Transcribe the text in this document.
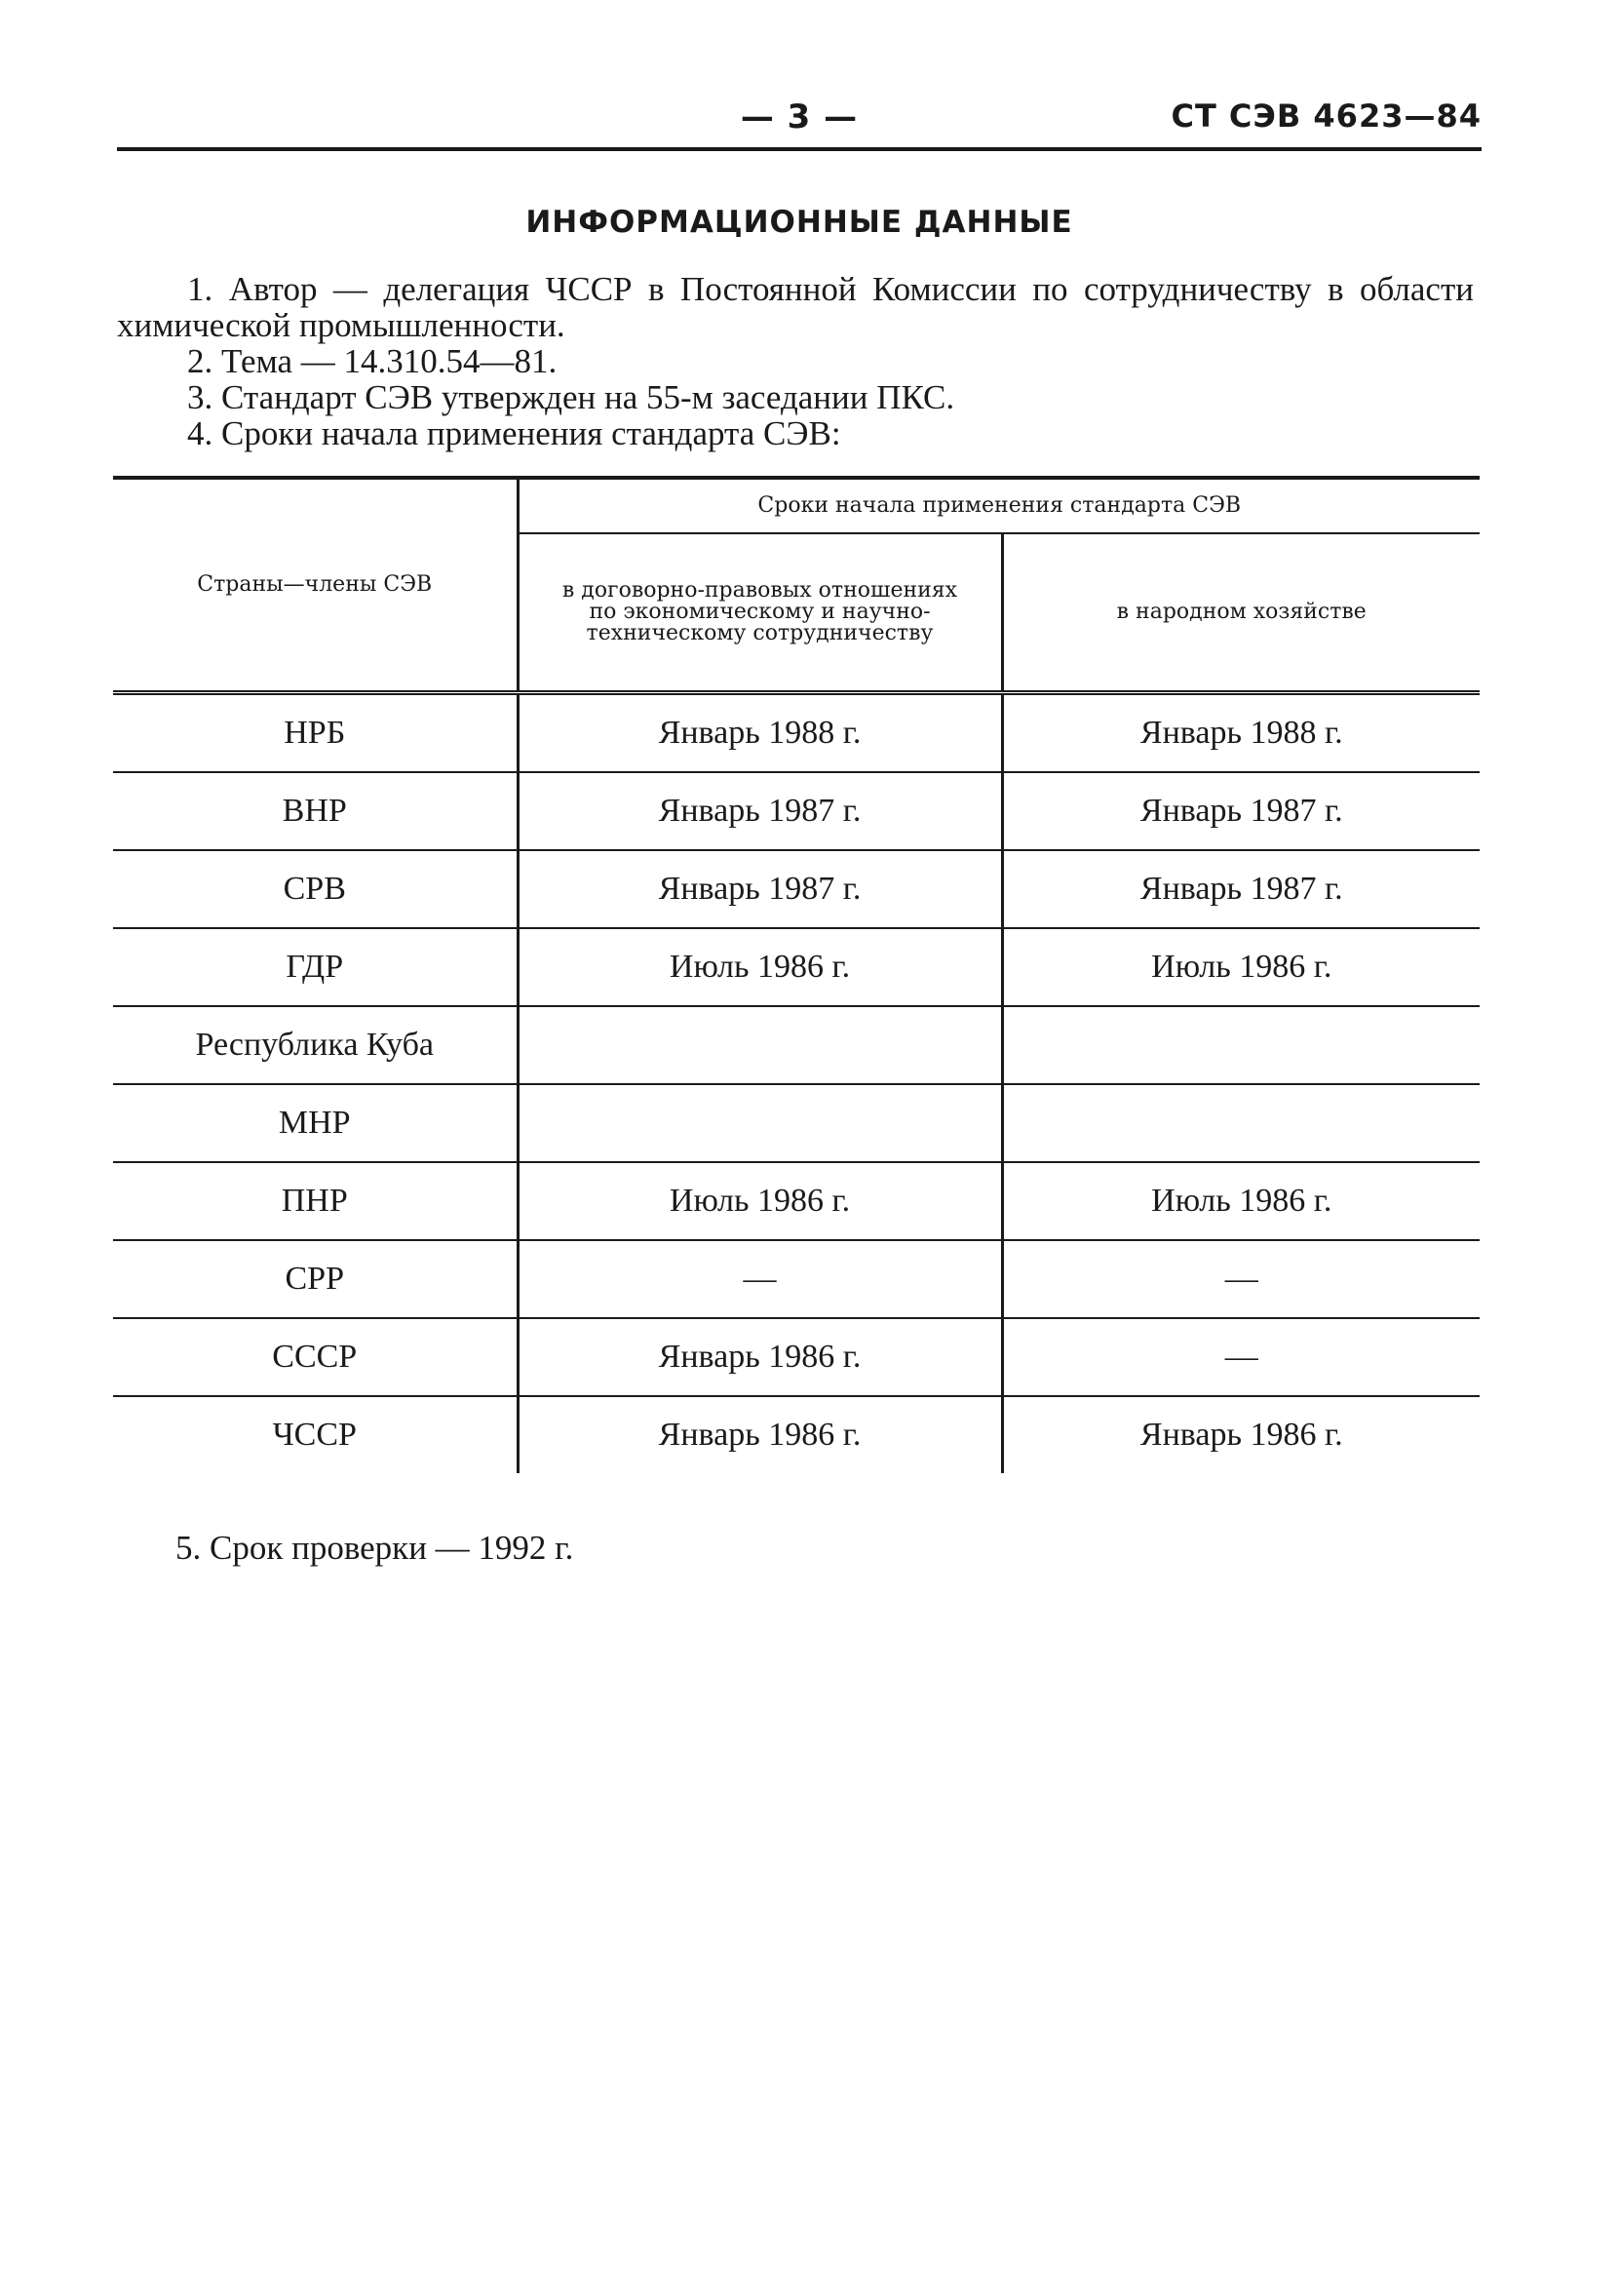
— 3 —	СТ СЭВ 4623—84
ИНФОРМАЦИОННЫЕ ДАННЫЕ

1. Автор — делегация ЧССР в Постоянной Комиссии по сотрудничеству в области химической промышленности.

2. Тема — 14.310.54—81.

3. Стандарт СЭВ утвержден на 55-м заседании ПКС.

4. Сроки начала применения стандарта СЭВ:

Страны—члены СЭВ	Сроки начала применения стандарта СЭВ	

	в договорно-правовых отношениях по экономическому и научно-техническому сотрудничеству	в народном хозяйстве
НРБ	Январь 1988 г.	Январь 1988 г.
ВНР	Январь 1987 г.	Январь 1987 г.
СРВ	Январь 1987 г.	Январь 1987 г.
ГДР	Июль 1986 г.	Июль 1986 г.
Республика Куба		
МНР		
ПНР	Июль 1986 г.	Июль 1986 г.
СРР	—	—
СССР	Январь 1986 г.	—
ЧССР	Январь 1986 г.	Январь 1986 г.
5. Срок проверки — 1992 г.
